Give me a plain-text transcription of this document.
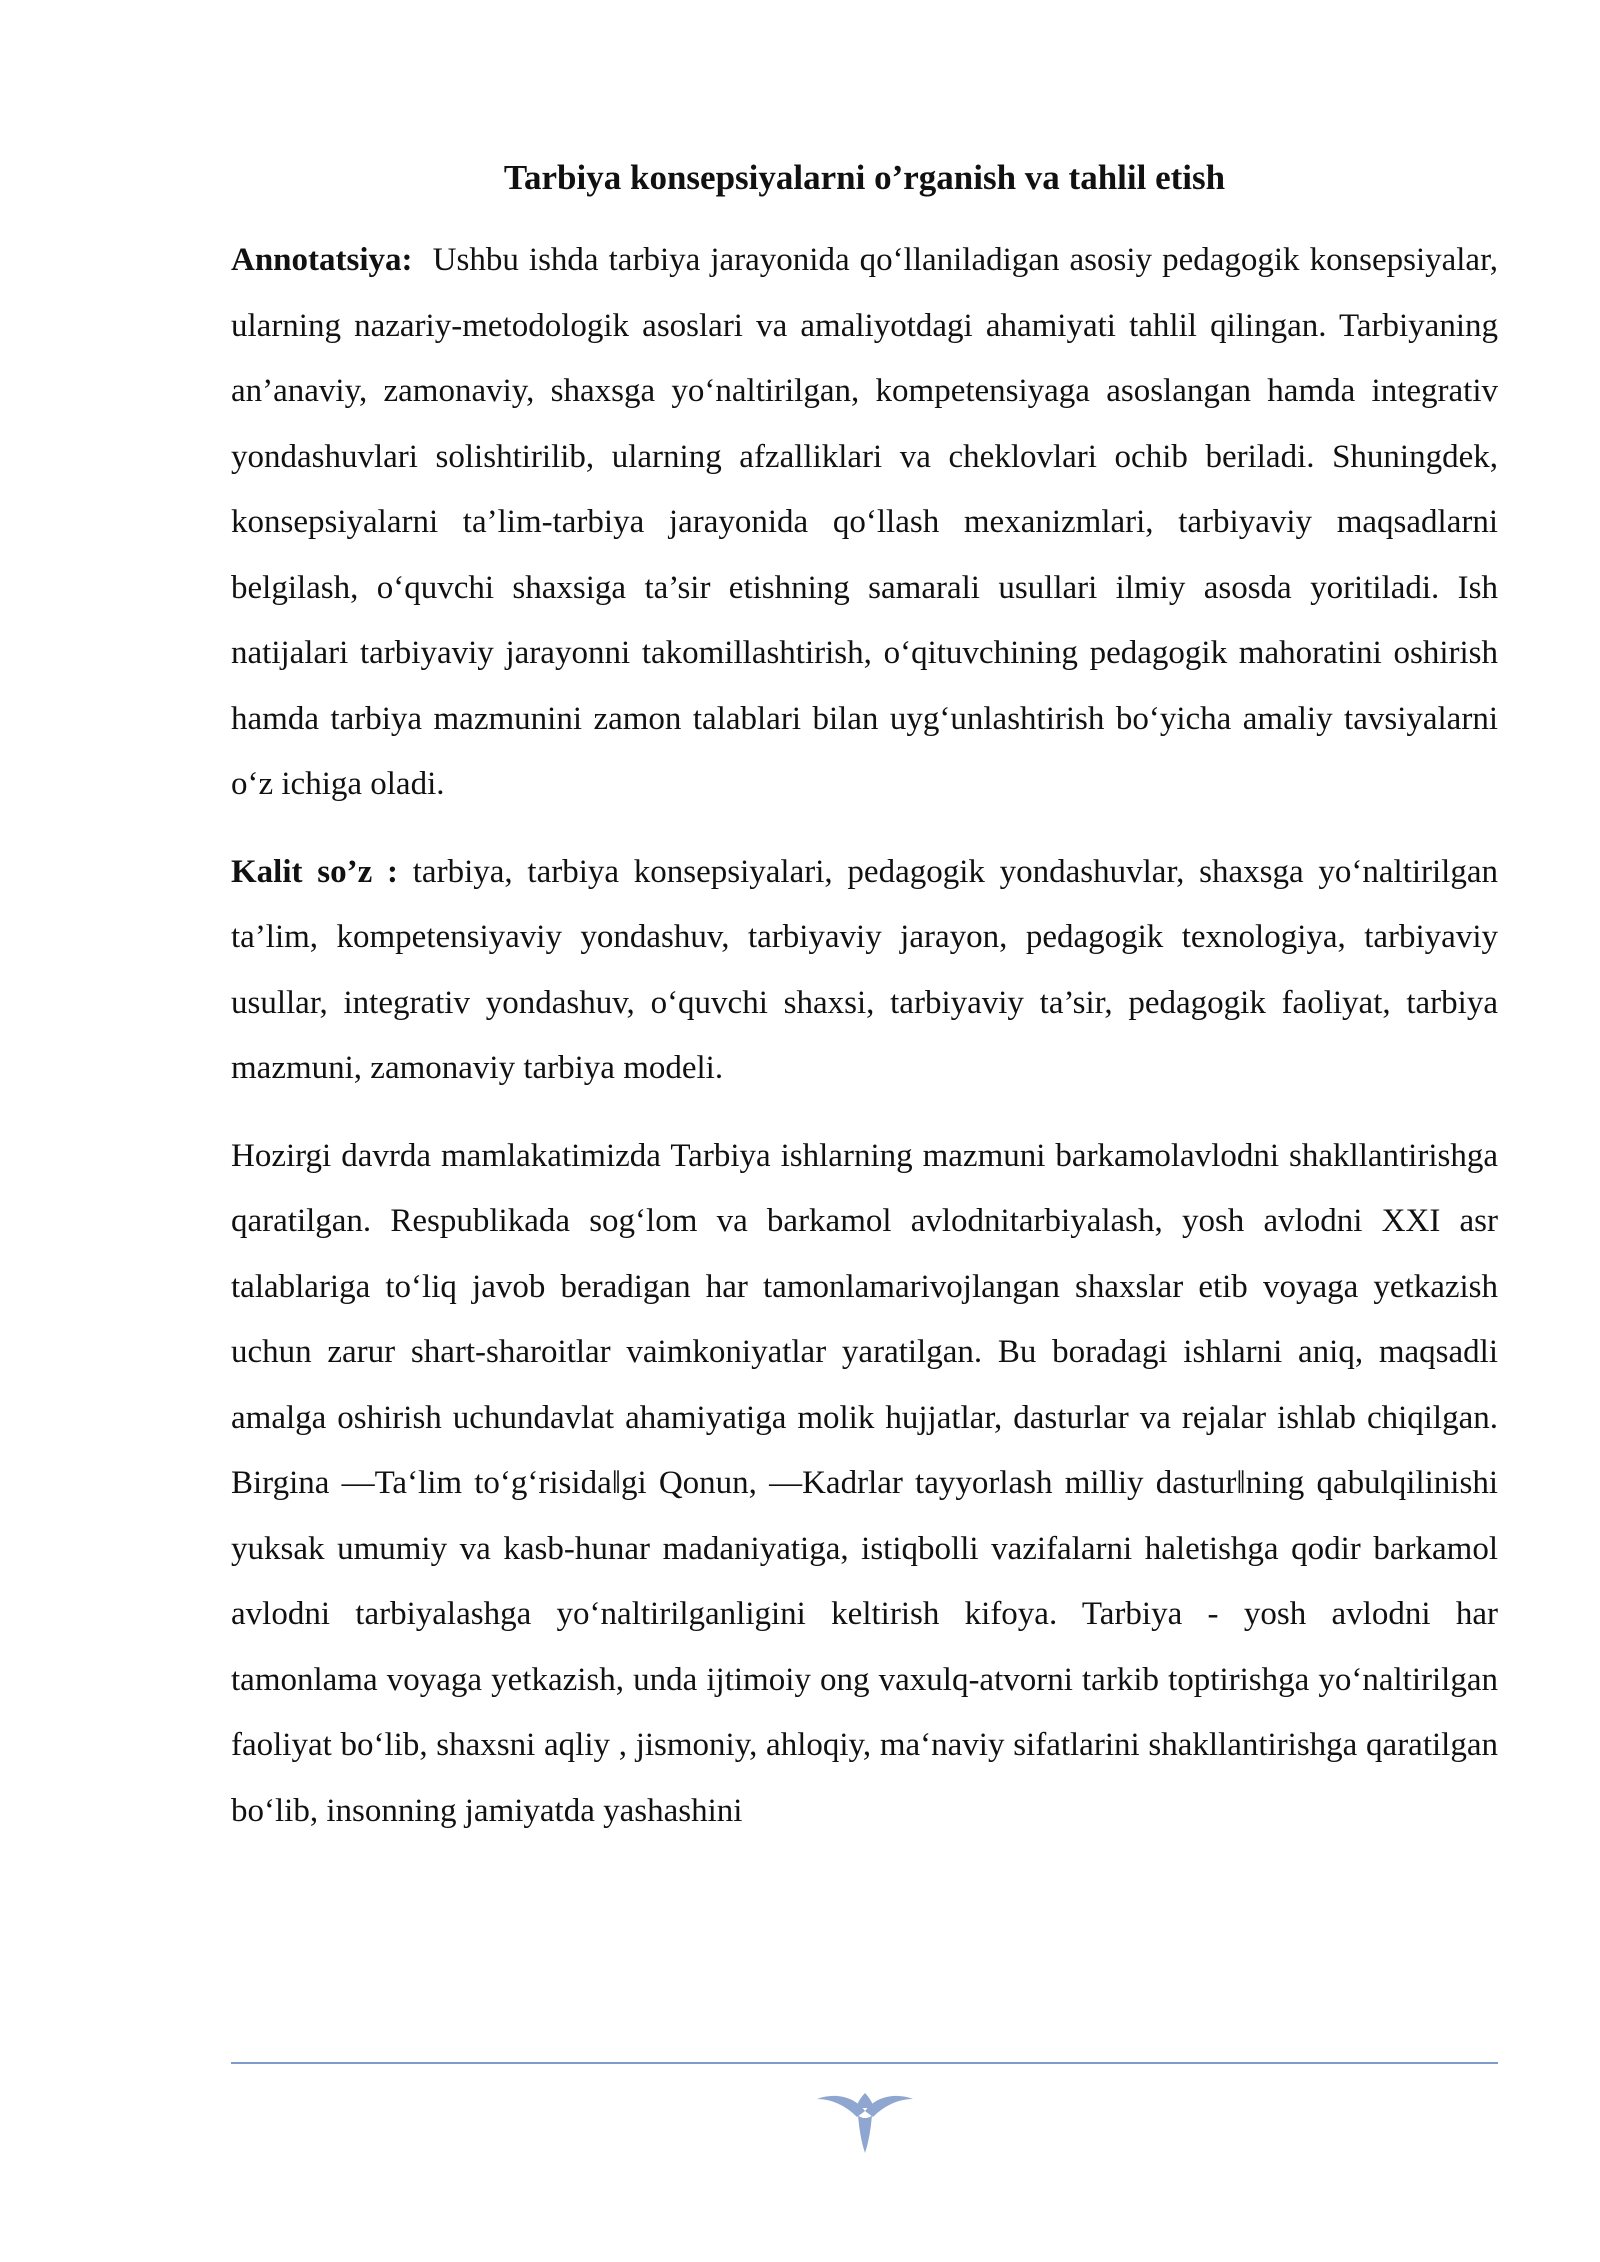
Tarbiya konsepsiyalarni o’rganish va tahlil etish

Annotatsiya: Ushbu ishda tarbiya jarayonida qo‘llaniladigan asosiy pedagogik konsepsiyalar, ularning nazariy-metodologik asoslari va amaliyotdagi ahamiyati tahlil qilingan. Tarbiyaning an’anaviy, zamonaviy, shaxsga yo‘naltirilgan, kompetensiyaga asoslangan hamda integrativ yondashuvlari solishtirilib, ularning afzalliklari va cheklovlari ochib beriladi. Shuningdek, konsepsiyalarni ta’lim-tarbiya jarayonida qo‘llash mexanizmlari, tarbiyaviy maqsadlarni belgilash, o‘quvchi shaxsiga ta’sir etishning samarali usullari ilmiy asosda yoritiladi. Ish natijalari tarbiyaviy jarayonni takomillashtirish, o‘qituvchining pedagogik mahoratini oshirish hamda tarbiya mazmunini zamon talablari bilan uyg‘unlashtirish bo‘yicha amaliy tavsiyalarni o‘z ichiga oladi.

Kalit so’z : tarbiya, tarbiya konsepsiyalari, pedagogik yondashuvlar, shaxsga yo‘naltirilgan ta’lim, kompetensiyaviy yondashuv, tarbiyaviy jarayon, pedagogik texnologiya, tarbiyaviy usullar, integrativ yondashuv, o‘quvchi shaxsi, tarbiyaviy ta’sir, pedagogik faoliyat, tarbiya mazmuni, zamonaviy tarbiya modeli.

Hozirgi davrda mamlakatimizda Tarbiya ishlarning mazmuni barkamolavlodni shakllantirishga qaratilgan. Respublikada sog‘lom va barkamol avlodnitarbiyalash, yosh avlodni XXI asr talablariga to‘liq javob beradigan har tamonlamarivojlangan shaxslar etib voyaga yetkazish uchun zarur shart-sharoitlar vaimkoniyatlar yaratilgan. Bu boradagi ishlarni aniq, maqsadli amalga oshirish uchundavlat ahamiyatiga molik hujjatlar, dasturlar va rejalar ishlab chiqilgan. Birgina ―Ta‘lim to‘g‘risida‖gi Qonun, ―Kadrlar tayyorlash milliy dastur‖ning qabulqilinishi yuksak umumiy va kasb-hunar madaniyatiga, istiqbolli vazifalarni haletishga qodir barkamol avlodni tarbiyalashga yo‘naltirilganligini keltirish kifoya. Tarbiya - yosh avlodni har tamonlama voyaga yetkazish, unda ijtimoiy ong vaxulq-atvorni tarkib toptirishga yo‘naltirilgan faoliyat bo‘lib, shaxsni aqliy , jismoniy, ahloqiy, ma‘naviy sifatlarini shakllantirishga qaratilgan bo‘lib, insonning jamiyatda yashashini
